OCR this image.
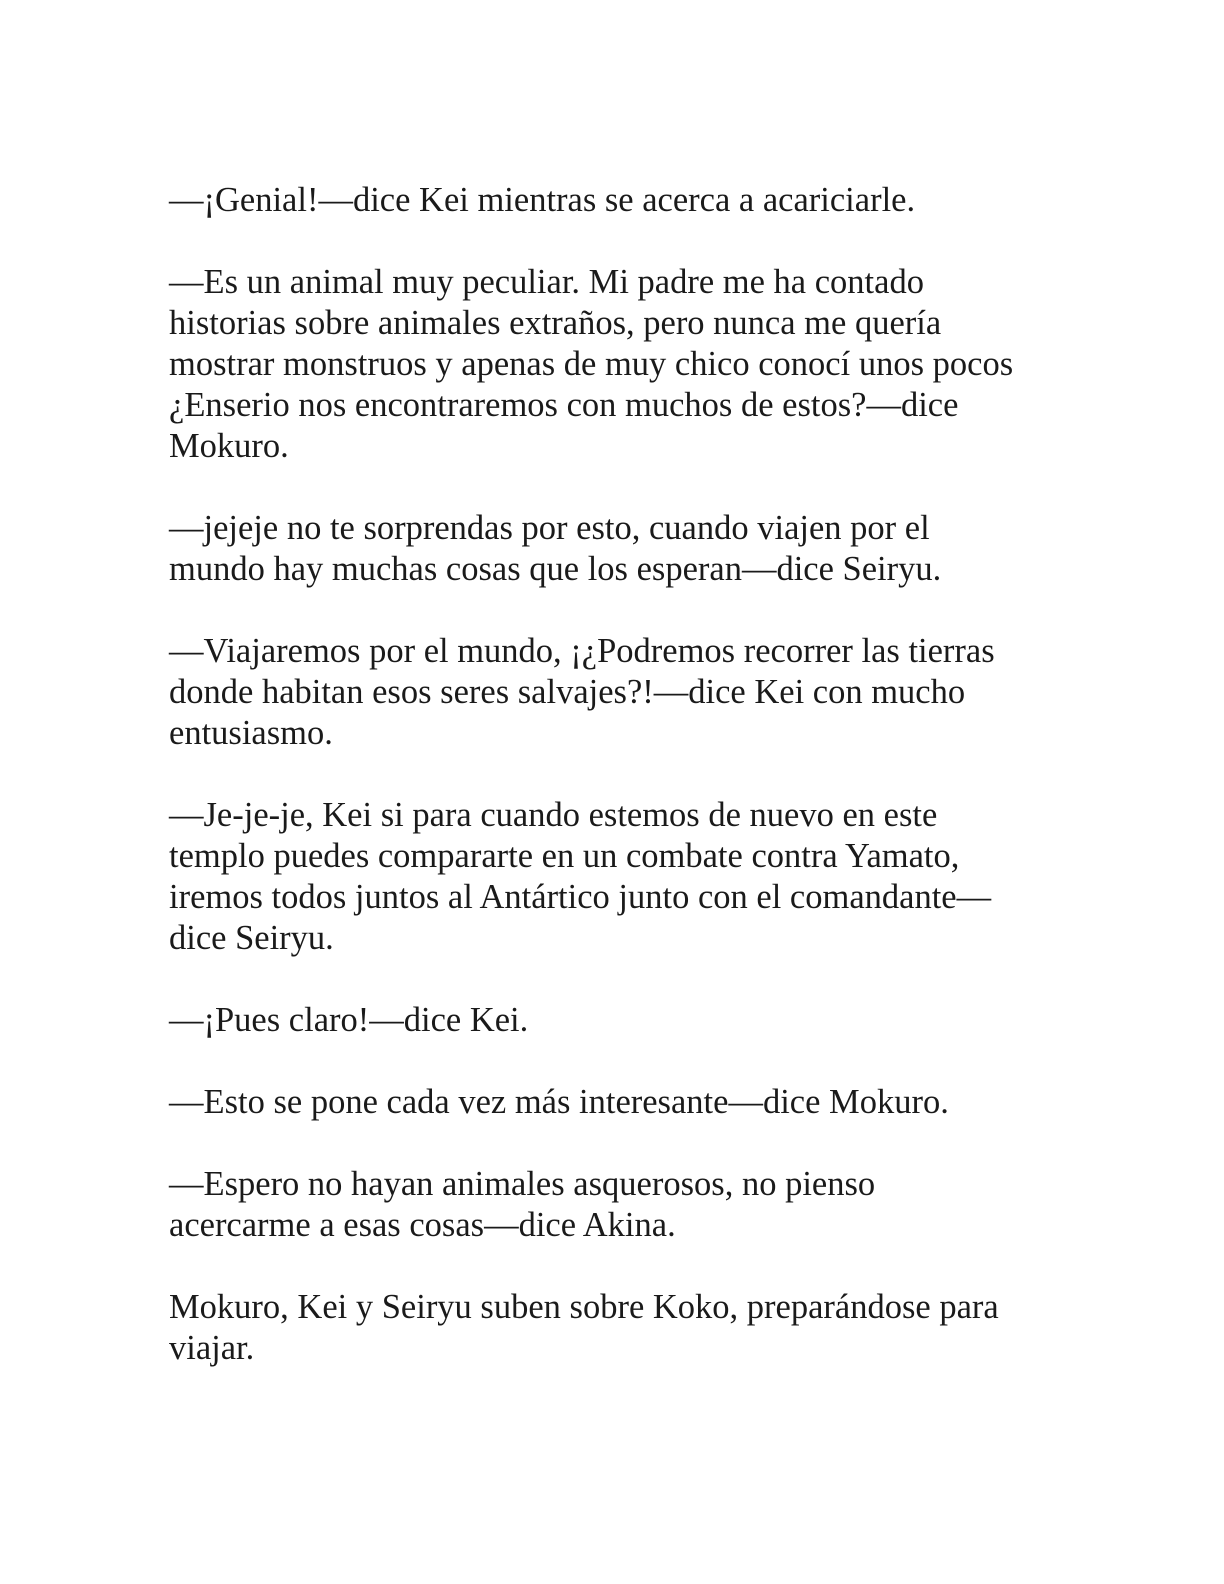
—¡Genial!—dice Kei mientras se acerca a acariciarle.

—Es un animal muy peculiar. Mi padre me ha contado
historias sobre animales extraños, pero nunca me quería
mostrar monstruos y apenas de muy chico conocí unos pocos
¿Enserio nos encontraremos con muchos de estos?—dice
Mokuro.

—jejeje no te sorprendas por esto, cuando viajen por el
mundo hay muchas cosas que los esperan—dice Seiryu.

—Viajaremos por el mundo, ¡¿Podremos recorrer las tierras
donde habitan esos seres salvajes?!—dice Kei con mucho
entusiasmo.

—Je-je-je, Kei si para cuando estemos de nuevo en este
templo puedes compararte en un combate contra Yamato,
iremos todos juntos al Antártico junto con el comandante—
dice Seiryu.

—¡Pues claro!—dice Kei.

—Esto se pone cada vez más interesante—dice Mokuro.

—Espero no hayan animales asquerosos, no pienso
acercarme a esas cosas—dice Akina.

Mokuro, Kei y Seiryu suben sobre Koko, preparándose para
viajar.
